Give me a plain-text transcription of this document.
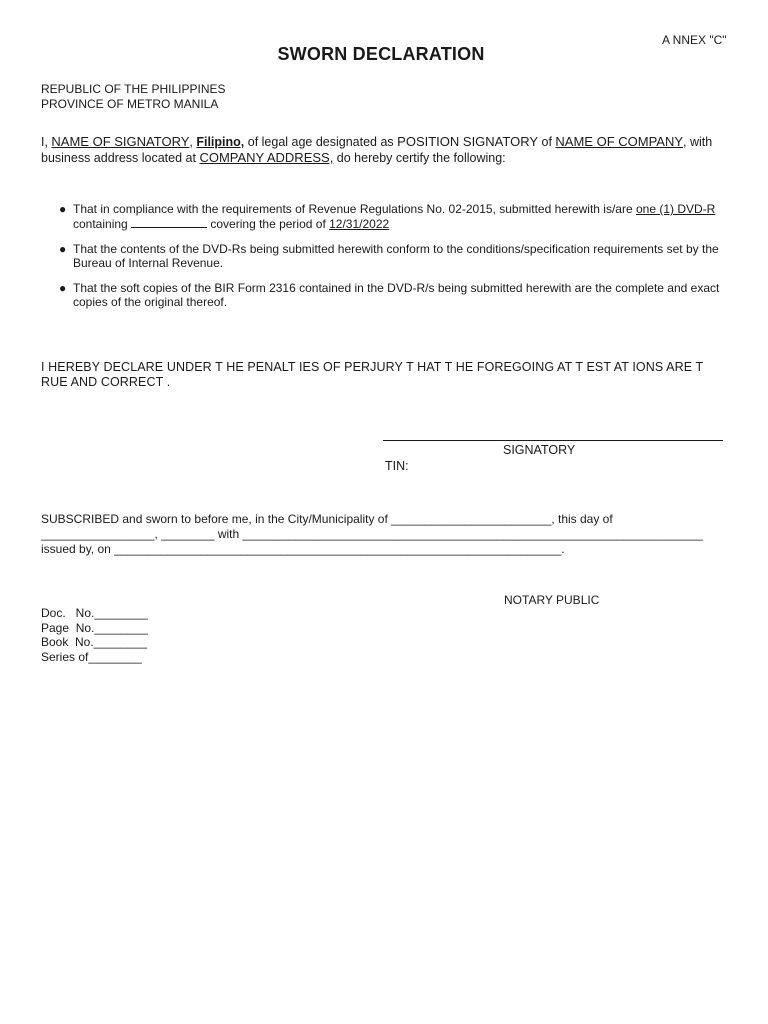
A NNEX "C"
SWORN DECLARATION
REPUBLIC OF THE PHILIPPINES
PROVINCE OF METRO MANILA
I, NAME OF SIGNATORY, Filipino, of legal age designated as POSITION SIGNATORY of NAME OF COMPANY, with business address located at COMPANY ADDRESS, do hereby certify the following:
● That in compliance with the requirements of Revenue Regulations No. 02-2015, submitted herewith is/are one (1) DVD-R containing	covering the period of 12/31/2022
● That the contents of the DVD-Rs being submitted herewith conform to the conditions/specification requirements set by the Bureau of Internal Revenue.
● That the soft copies of the BIR Form 2316 contained in the DVD-R/s being submitted herewith are the complete and exact copies of the original thereof.
I HEREBY DECLARE UNDER T HE PENALT IES OF PERJURY T HAT T HE FOREGOING AT T EST AT IONS ARE T RUE AND CORRECT .
SIGNATORY
TIN:
SUBSCRIBED and sworn to before me, in the City/Municipality of ________________________, this day of
_________________, ________ with _____________________________________________________________________
issued by, on ___________________________________________________________________.
NOTARY PUBLIC
Doc.   No.________
Page  No.________
Book  No.________
Series of________
